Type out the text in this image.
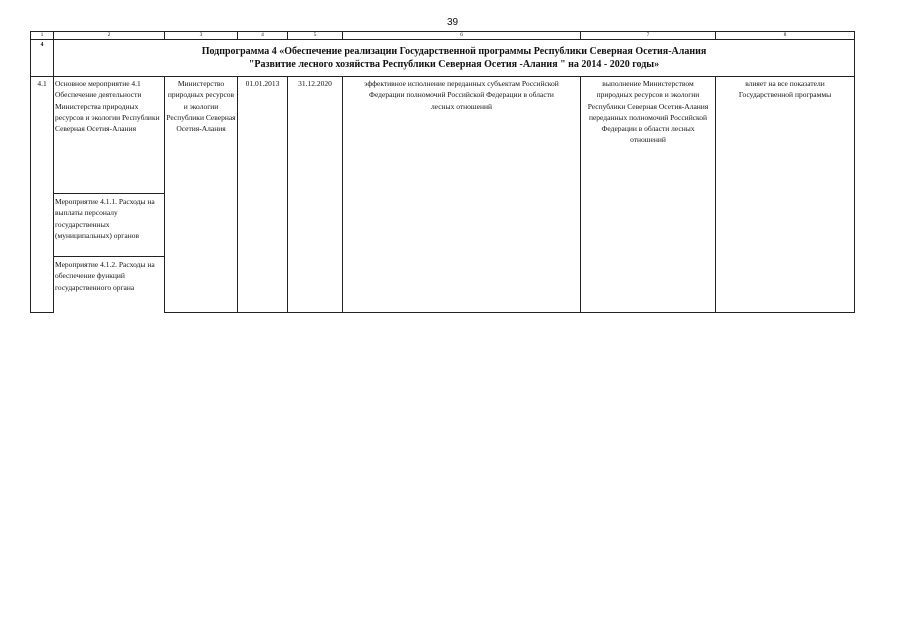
39
1	2	3	4	5	6	7	8
4	Подпрограмма 4 «Обеспечение реализации Государственной программы Республики Северная Осетия-Алания
"Развитие лесного хозяйства Республики Северная Осетия -Алания " на 2014 - 2020 годы»						

4.1	Основное мероприятие 4.1 Обеспечение деятельности Министерства природных ресурсов и экологии Республики Северная Осетия-Алания	Министерство природных ресурсов и экологии Республики Северная Осетия-Алания	01.01.2013	31.12.2020	эффективное исполнение переданных субъектам Российской Федерации полномочий Российской Федерации в области лесных отношений	выполнение Министерством природных ресурсов и экологии Республики Северная Осетия-Алания переданных полномочий Российской Федерации в области лесных отношений	влияет на все показатели Государственной программы
	Мероприятие 4.1.1. Расходы на выплаты персоналу государственных (муниципальных) органов						
	Мероприятие 4.1.2. Расходы на обеспечение функций государственного органа						
